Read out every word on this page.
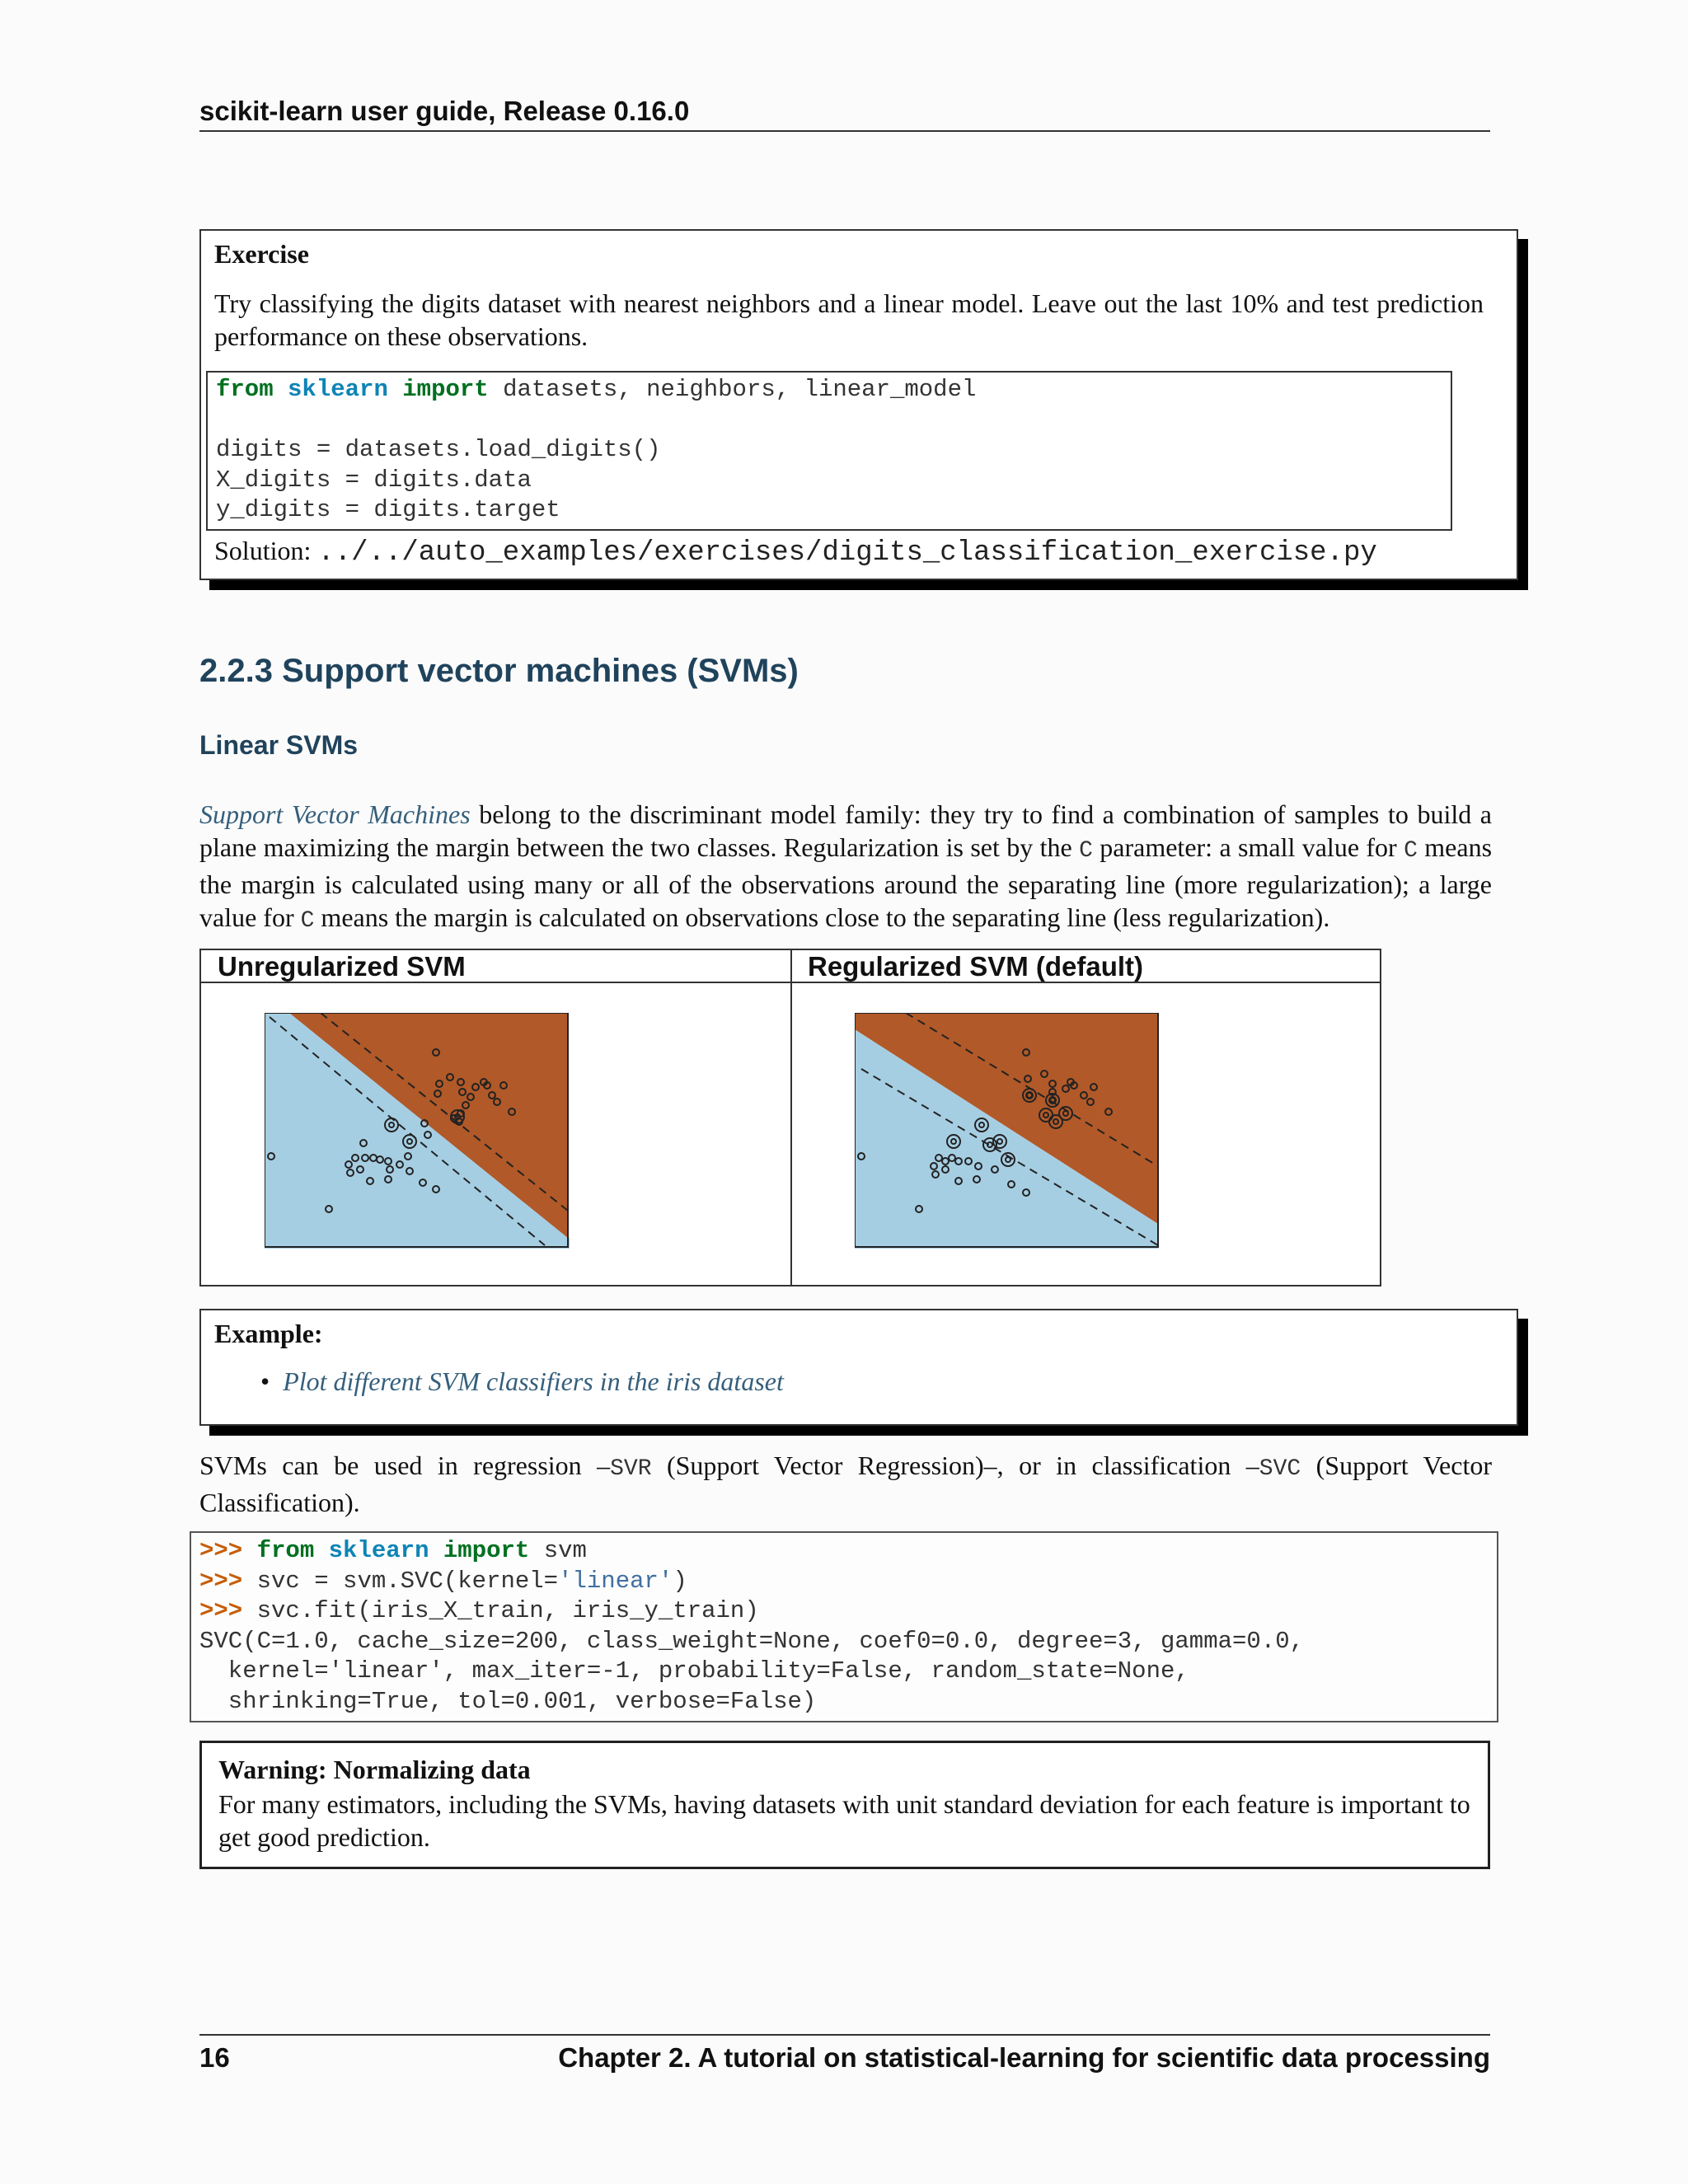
scikit-learn user guide, Release 0.16.0
Exercise
Try classifying the digits dataset with nearest neighbors and a linear model. Leave out the last 10% and test prediction performance on these observations.
from sklearn import datasets, neighbors, linear_model

digits = datasets.load_digits()
X_digits = digits.data
y_digits = digits.target
Solution: ../../auto_examples/exercises/digits_classification_exercise.py
2.2.3 Support vector machines (SVMs)
Linear SVMs
Support Vector Machines belong to the discriminant model family: they try to find a combination of samples to build a plane maximizing the margin between the two classes. Regularization is set by the C parameter: a small value for C means the margin is calculated using many or all of the observations around the separating line (more regularization); a large value for C means the margin is calculated on observations close to the separating line (less regularization).
Unregularized SVM	Regularized SVM (default)
Example:
• Plot different SVM classifiers in the iris dataset
SVMs can be used in regression –SVR (Support Vector Regression)–, or in classification –SVC (Support Vector Classification).
>>> from sklearn import svm
>>> svc = svm.SVC(kernel='linear')
>>> svc.fit(iris_X_train, iris_y_train)
SVC(C=1.0, cache_size=200, class_weight=None, coef0=0.0, degree=3, gamma=0.0,
kernel='linear', max_iter=-1, probability=False, random_state=None,
shrinking=True, tol=0.001, verbose=False)
Warning: Normalizing data
For many estimators, including the SVMs, having datasets with unit standard deviation for each feature is important to get good prediction.
16	Chapter 2. A tutorial on statistical-learning for scientific data processing
